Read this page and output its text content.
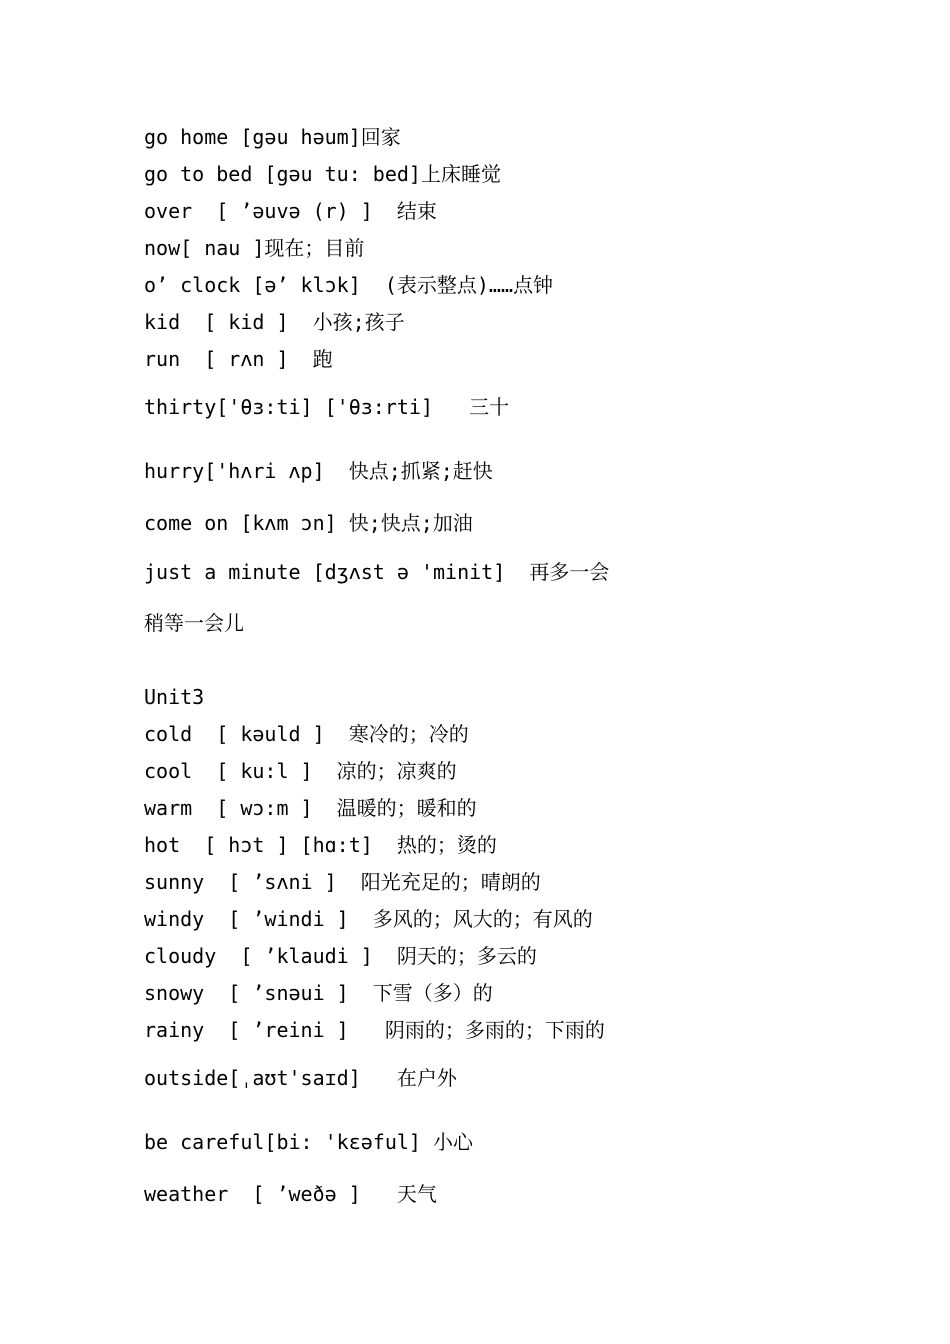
go home [gəu həum]回家
go to bed [gəu tu: bed]上床睡觉
over  [ ’əuvə (r) ]  结束
now[ nau ]现在；目前
o’ clock [ə’ klɔk]  (表示整点)……点钟
kid  [ kid ]  小孩;孩子
run  [ rʌn ]  跑
thirty['θɜ:ti] ['θɜ:rti]   三十
hurry['hʌri ʌp]  快点;抓紧;赶快
come on [kʌm ɔn] 快;快点;加油
just a minute [dʒʌst ə 'minit]  再多一会
稍等一会儿
Unit3
cold  [ kəuld ]  寒冷的；冷的
cool  [ ku:l ]  凉的；凉爽的
warm  [ wɔ:m ]  温暖的；暖和的
hot  [ hɔt ] [hɑ:t]  热的；烫的
sunny  [ ’sʌni ]  阳光充足的；晴朗的
windy  [ ’windi ]  多风的；风大的；有风的
cloudy  [ ’klaudi ]  阴天的；多云的
snowy  [ ’snəui ]  下雪（多）的
rainy  [ ’reini ]   阴雨的；多雨的；下雨的
outside[ˌaʊt'saɪd]   在户外
be careful[bi: 'kɛəful] 小心
weather  [ ’weðə ]   天气
